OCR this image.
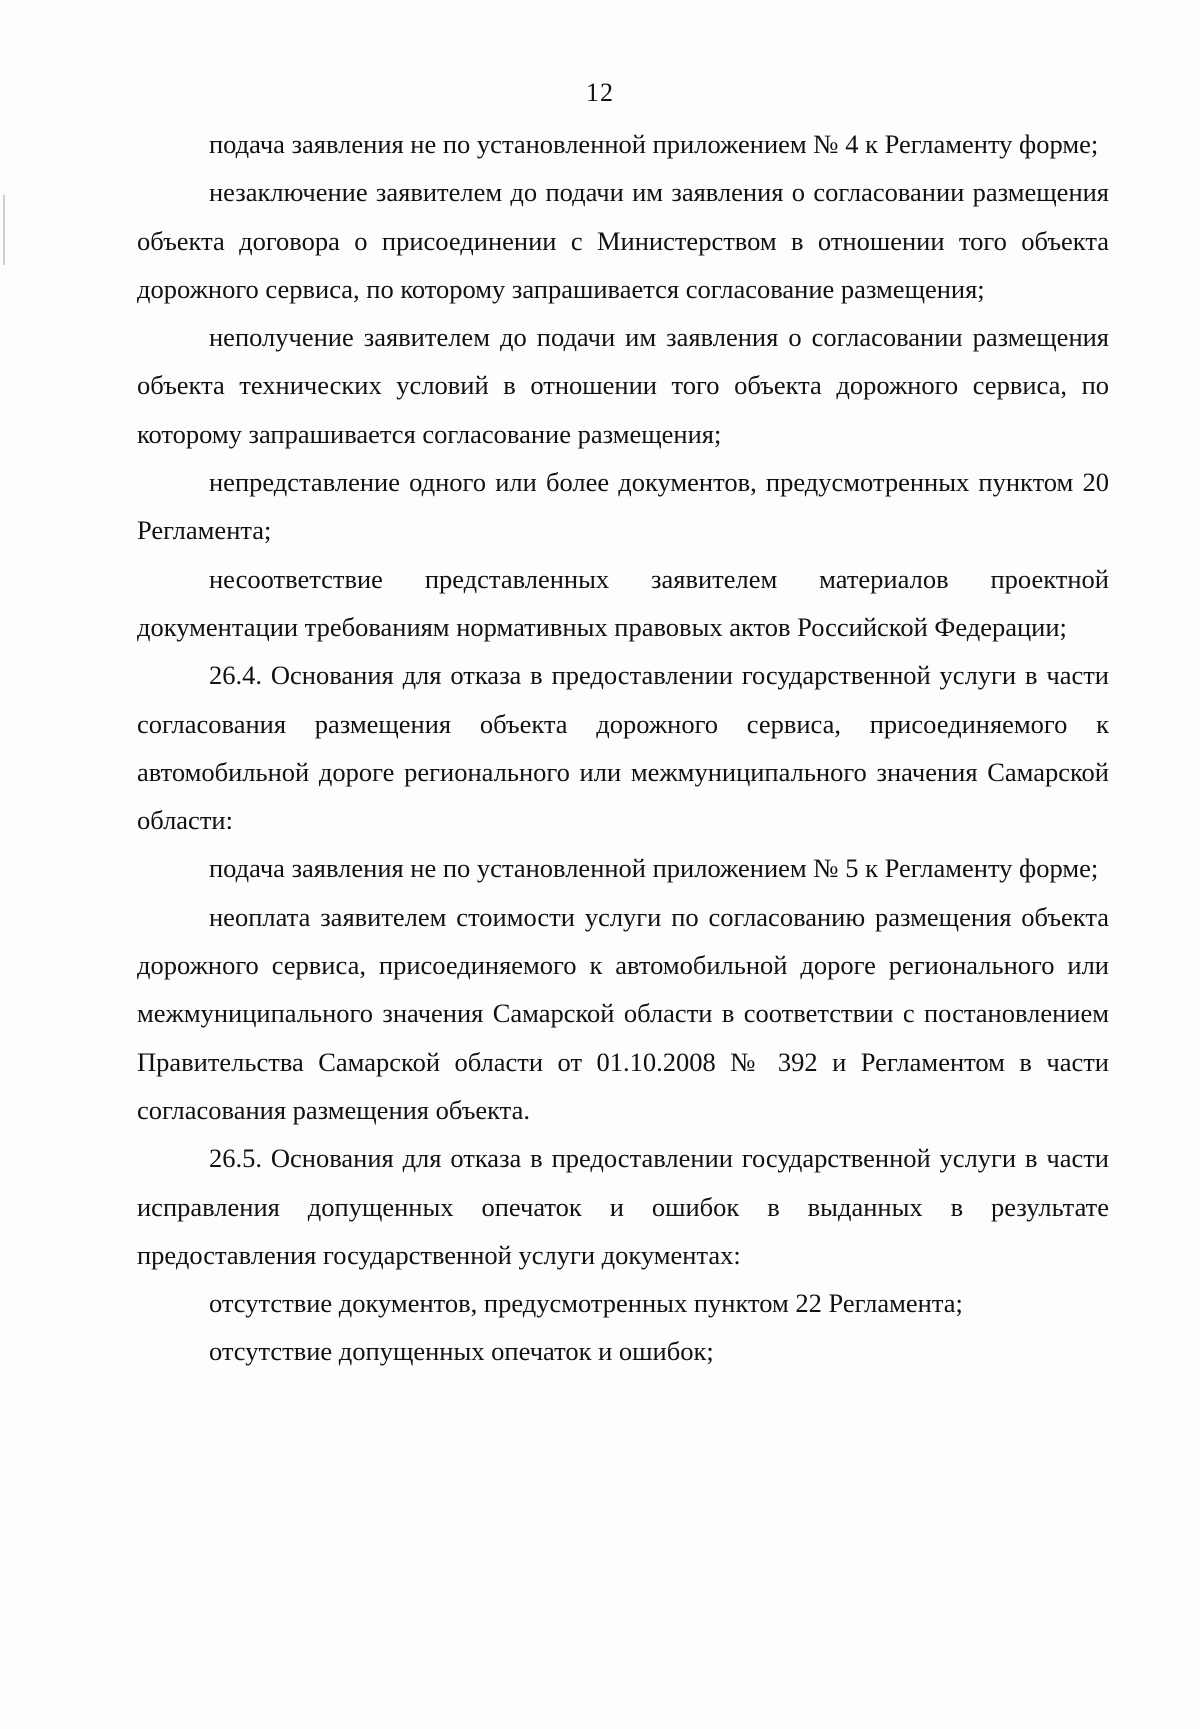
12

подача заявления не по установленной приложением № 4 к Регламенту форме;

незаключение заявителем до подачи им заявления о согласовании размещения объекта договора о присоединении с Министерством в отношении того объекта дорожного сервиса, по которому запрашивается согласование размещения;

неполучение заявителем до подачи им заявления о согласовании размещения объекта технических условий в отношении того объекта дорожного сервиса, по которому запрашивается согласование размещения;

непредставление одного или более документов, предусмотренных пунктом 20 Регламента;

несоответствие представленных заявителем материалов проектной документации требованиям нормативных правовых актов Российской Федерации;

26.4. Основания для отказа в предоставлении государственной услуги в части согласования размещения объекта дорожного сервиса, присоединяемого к автомобильной дороге регионального или межмуниципального значения Самарской области:

подача заявления не по установленной приложением № 5 к Регламенту форме;

неоплата заявителем стоимости услуги по согласованию размещения объекта дорожного сервиса, присоединяемого к автомобильной дороге регионального или межмуниципального значения Самарской области в соответствии с постановлением Правительства Самарской области от 01.10.2008 № 392 и Регламентом в части согласования размещения объекта.

26.5. Основания для отказа в предоставлении государственной услуги в части исправления допущенных опечаток и ошибок в выданных в результате предоставления государственной услуги документах:

отсутствие документов, предусмотренных пунктом 22 Регламента;

отсутствие допущенных опечаток и ошибок;
